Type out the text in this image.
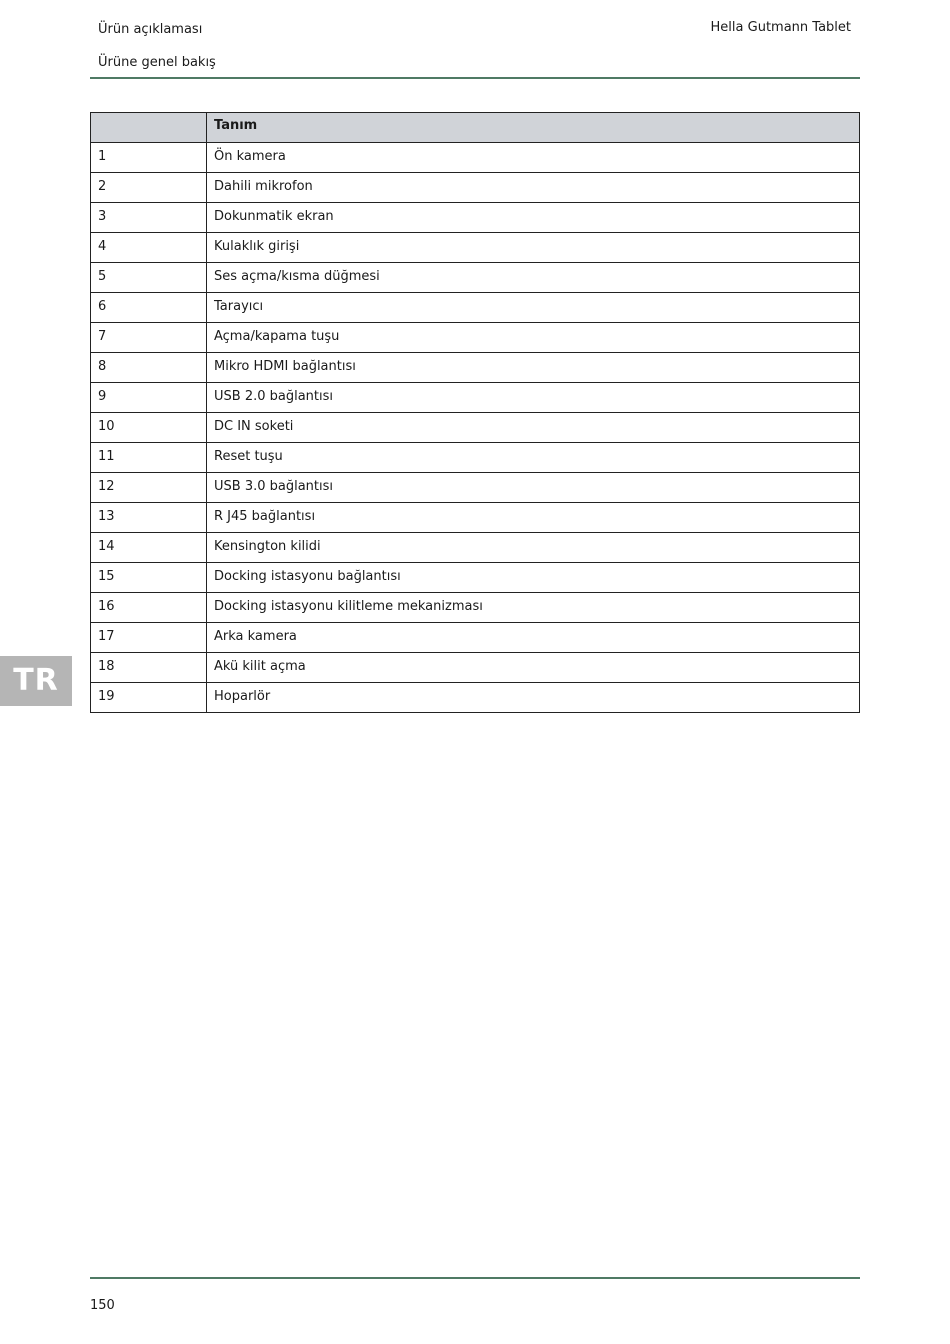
Ürün açıklaması
Ürüne genel bakış
Hella Gutmann Tablet
	Tanım
1	Ön kamera
2	Dahili mikrofon
3	Dokunmatik ekran
4	Kulaklık girişi
5	Ses açma/kısma düğmesi
6	Tarayıcı
7	Açma/kapama tuşu
8	Mikro HDMI bağlantısı
9	USB 2.0 bağlantısı
10	DC IN soketi
11	Reset tuşu
12	USB 3.0 bağlantısı
13	R J45 bağlantısı
14	Kensington kilidi
15	Docking istasyonu bağlantısı
16	Docking istasyonu kilitleme mekanizması
17	Arka kamera
18	Akü kilit açma
19	Hoparlör
TR
150
